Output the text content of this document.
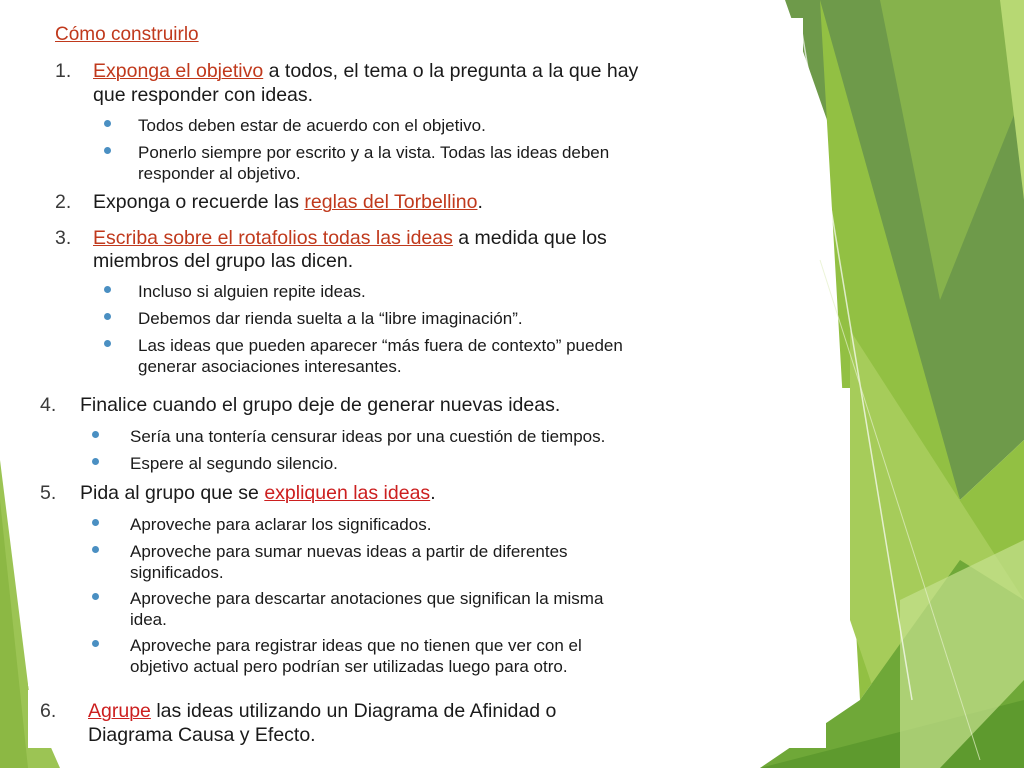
Cómo construirlo
1. Exponga el objetivo a todos, el tema o la pregunta a la que hay
que responder con ideas.
Todos deben estar de acuerdo con el objetivo.
Ponerlo siempre por escrito y a la vista. Todas las ideas deben
responder al objetivo.
2. Exponga o recuerde las reglas del Torbellino.
3. Escriba sobre el rotafolios todas las ideas a medida que los
miembros del grupo las dicen.
Incluso si alguien repite ideas.
Debemos dar rienda suelta a la “libre imaginación”.
Las ideas que pueden aparecer “más fuera de contexto” pueden
generar asociaciones interesantes.
4. Finalice cuando el grupo deje de generar nuevas ideas.
Sería una tontería censurar ideas por una cuestión de tiempos.
Espere al segundo silencio.
5. Pida al grupo que se expliquen las ideas.
Aproveche para aclarar los significados.
Aproveche para sumar nuevas ideas a partir de diferentes
significados.
Aproveche para descartar anotaciones que significan la misma
idea.
Aproveche para registrar ideas que no tienen que ver con el
objetivo actual pero podrían ser utilizadas luego para otro.
6. Agrupe las ideas utilizando un Diagrama de Afinidad o
Diagrama Causa y Efecto.
